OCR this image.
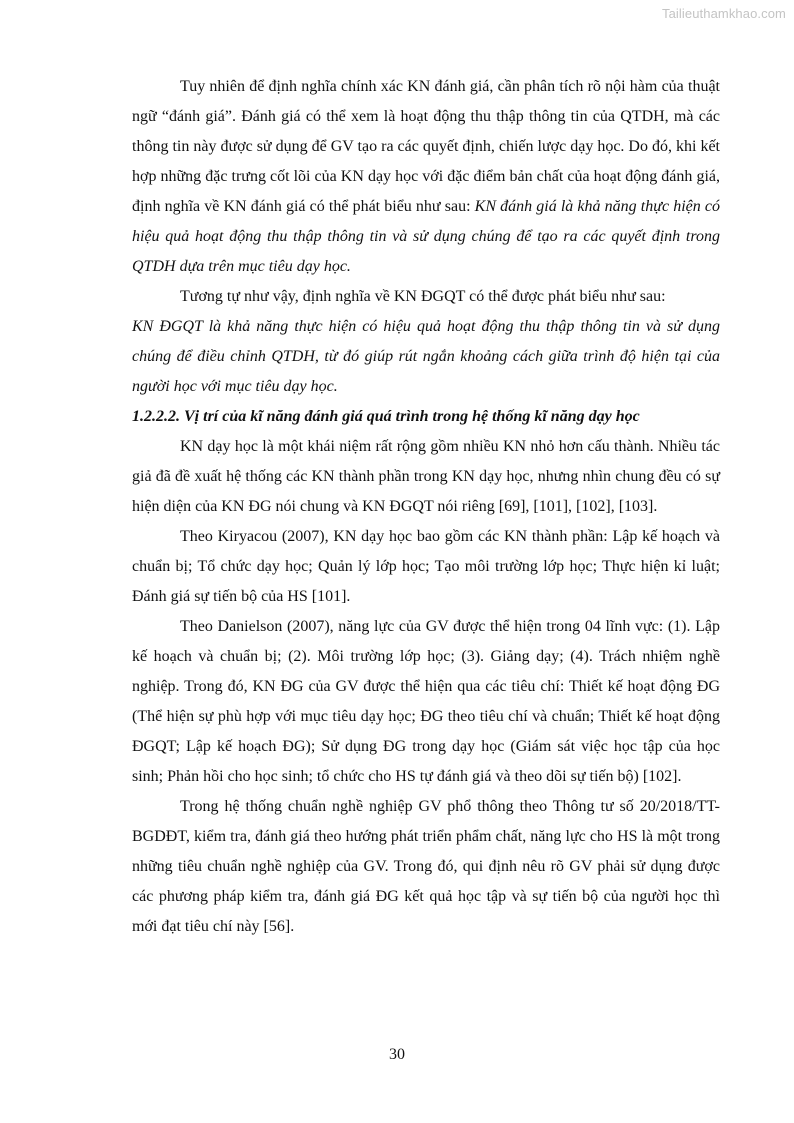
Tailieuthamkhao.com

Tuy nhiên để định nghĩa chính xác KN đánh giá, cần phân tích rõ nội hàm của thuật ngữ “đánh giá”. Đánh giá có thể xem là hoạt động thu thập thông tin của QTDH, mà các thông tin này được sử dụng để GV tạo ra các quyết định, chiến lược dạy học. Do đó, khi kết hợp những đặc trưng cốt lõi của KN dạy học với đặc điểm bản chất của hoạt động đánh giá, định nghĩa về KN đánh giá có thể phát biểu như sau: KN đánh giá là khả năng thực hiện có hiệu quả hoạt động thu thập thông tin và sử dụng chúng để tạo ra các quyết định trong QTDH dựa trên mục tiêu dạy học.

Tương tự như vậy, định nghĩa về KN ĐGQT có thể được phát biểu như sau:

KN ĐGQT là khả năng thực hiện có hiệu quả hoạt động thu thập thông tin và sử dụng chúng để điều chỉnh QTDH, từ đó giúp rút ngắn khoảng cách giữa trình độ hiện tại của người học với mục tiêu dạy học.

1.2.2.2. Vị trí của kĩ năng đánh giá quá trình trong hệ thống kĩ năng dạy học

KN dạy học là một khái niệm rất rộng gồm nhiều KN nhỏ hơn cấu thành. Nhiều tác giả đã đề xuất hệ thống các KN thành phần trong KN dạy học, nhưng nhìn chung đều có sự hiện diện của KN ĐG nói chung và KN ĐGQT nói riêng [69], [101], [102], [103].

Theo Kiryacou (2007), KN dạy học bao gồm các KN thành phần: Lập kế hoạch và chuẩn bị; Tổ chức dạy học; Quản lý lớp học; Tạo môi trường lớp học; Thực hiện kỉ luật; Đánh giá sự tiến bộ của HS [101].

Theo Danielson (2007), năng lực của GV được thể hiện trong 04 lĩnh vực: (1). Lập kế hoạch và chuẩn bị; (2). Môi trường lớp học; (3). Giảng dạy; (4). Trách nhiệm nghề nghiệp. Trong đó, KN ĐG của GV được thể hiện qua các tiêu chí: Thiết kế hoạt động ĐG (Thể hiện sự phù hợp với mục tiêu dạy học; ĐG theo tiêu chí và chuẩn; Thiết kế hoạt động ĐGQT; Lập kế hoạch ĐG); Sử dụng ĐG trong dạy học (Giám sát việc học tập của học sinh; Phản hồi cho học sinh; tổ chức cho HS tự đánh giá và theo dõi sự tiến bộ) [102].

Trong hệ thống chuẩn nghề nghiệp GV phổ thông theo Thông tư số 20/2018/TT-BGDĐT, kiểm tra, đánh giá theo hướng phát triển phẩm chất, năng lực cho HS là một trong những tiêu chuẩn nghề nghiệp của GV. Trong đó, qui định nêu rõ GV phải sử dụng được các phương pháp kiểm tra, đánh giá ĐG kết quả học tập và sự tiến bộ của người học thì mới đạt tiêu chí này [56].

30
